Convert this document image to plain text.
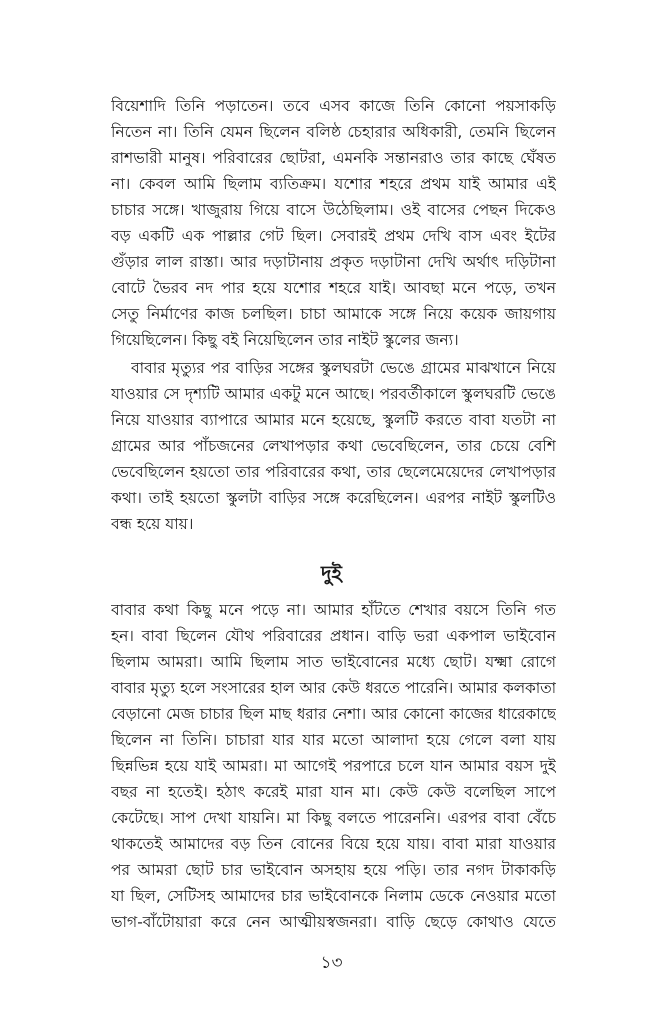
বিয়েশাদি তিনি পড়াতেন। তবে এসব কাজে তিনি কোনো পয়সাকড়ি
নিতেন না। তিনি যেমন ছিলেন বলিষ্ঠ চেহারার অধিকারী, তেমনি ছিলেন
রাশভারী মানুষ। পরিবারের ছোটরা, এমনকি সন্তানরাও তার কাছে ঘেঁষত
না। কেবল আমি ছিলাম ব্যতিক্রম। যশোর শহরে প্রথম যাই আমার এই
চাচার সঙ্গে। খাজুরায় গিয়ে বাসে উঠেছিলাম। ওই বাসের পেছন দিকেও
বড় একটি এক পাল্লার গেট ছিল। সেবারই প্রথম দেখি বাস এবং ইটের
গুঁড়ার লাল রাস্তা। আর দড়াটানায় প্রকৃত দড়াটানা দেখি অর্থাৎ দড়িটানা
বোটে ভৈরব নদ পার হয়ে যশোর শহরে যাই। আবছা মনে পড়ে, তখন
সেতু নির্মাণের কাজ চলছিল। চাচা আমাকে সঙ্গে নিয়ে কয়েক জায়গায়
গিয়েছিলেন। কিছু বই নিয়েছিলেন তার নাইট স্কুলের জন্য।
বাবার মৃত্যুর পর বাড়ির সঙ্গের স্কুলঘরটা ভেঙে গ্রামের মাঝখানে নিয়ে
যাওয়ার সে দৃশ্যটি আমার একটু মনে আছে। পরবর্তীকালে স্কুলঘরটি ভেঙে
নিয়ে যাওয়ার ব্যাপারে আমার মনে হয়েছে, স্কুলটি করতে বাবা যতটা না
গ্রামের আর পাঁচজনের লেখাপড়ার কথা ভেবেছিলেন, তার চেয়ে বেশি
ভেবেছিলেন হয়তো তার পরিবারের কথা, তার ছেলেমেয়েদের লেখাপড়ার
কথা। তাই হয়তো স্কুলটা বাড়ির সঙ্গে করেছিলেন। এরপর নাইট স্কুলটিও
বন্ধ হয়ে যায়।
দুই
বাবার কথা কিছু মনে পড়ে না। আমার হাঁটতে শেখার বয়সে তিনি গত
হন। বাবা ছিলেন যৌথ পরিবারের প্রধান। বাড়ি ভরা একপাল ভাইবোন
ছিলাম আমরা। আমি ছিলাম সাত ভাইবোনের মধ্যে ছোট। যক্ষ্মা রোগে
বাবার মৃত্যু হলে সংসারের হাল আর কেউ ধরতে পারেনি। আমার কলকাতা
বেড়ানো মেজ চাচার ছিল মাছ ধরার নেশা। আর কোনো কাজের ধারেকাছে
ছিলেন না তিনি। চাচারা যার যার মতো আলাদা হয়ে গেলে বলা যায়
ছিন্নভিন্ন হয়ে যাই আমরা। মা আগেই পরপারে চলে যান আমার বয়স দুই
বছর না হতেই। হঠাৎ করেই মারা যান মা। কেউ কেউ বলেছিল সাপে
কেটেছে। সাপ দেখা যায়নি। মা কিছু বলতে পারেননি। এরপর বাবা বেঁচে
থাকতেই আমাদের বড় তিন বোনের বিয়ে হয়ে যায়। বাবা মারা যাওয়ার
পর আমরা ছোট চার ভাইবোন অসহায় হয়ে পড়ি। তার নগদ টাকাকড়ি
যা ছিল, সেটিসহ আমাদের চার ভাইবোনকে নিলাম ডেকে নেওয়ার মতো
ভাগ-বাঁটোয়ারা করে নেন আত্মীয়স্বজনরা। বাড়ি ছেড়ে কোথাও যেতে
১৩
